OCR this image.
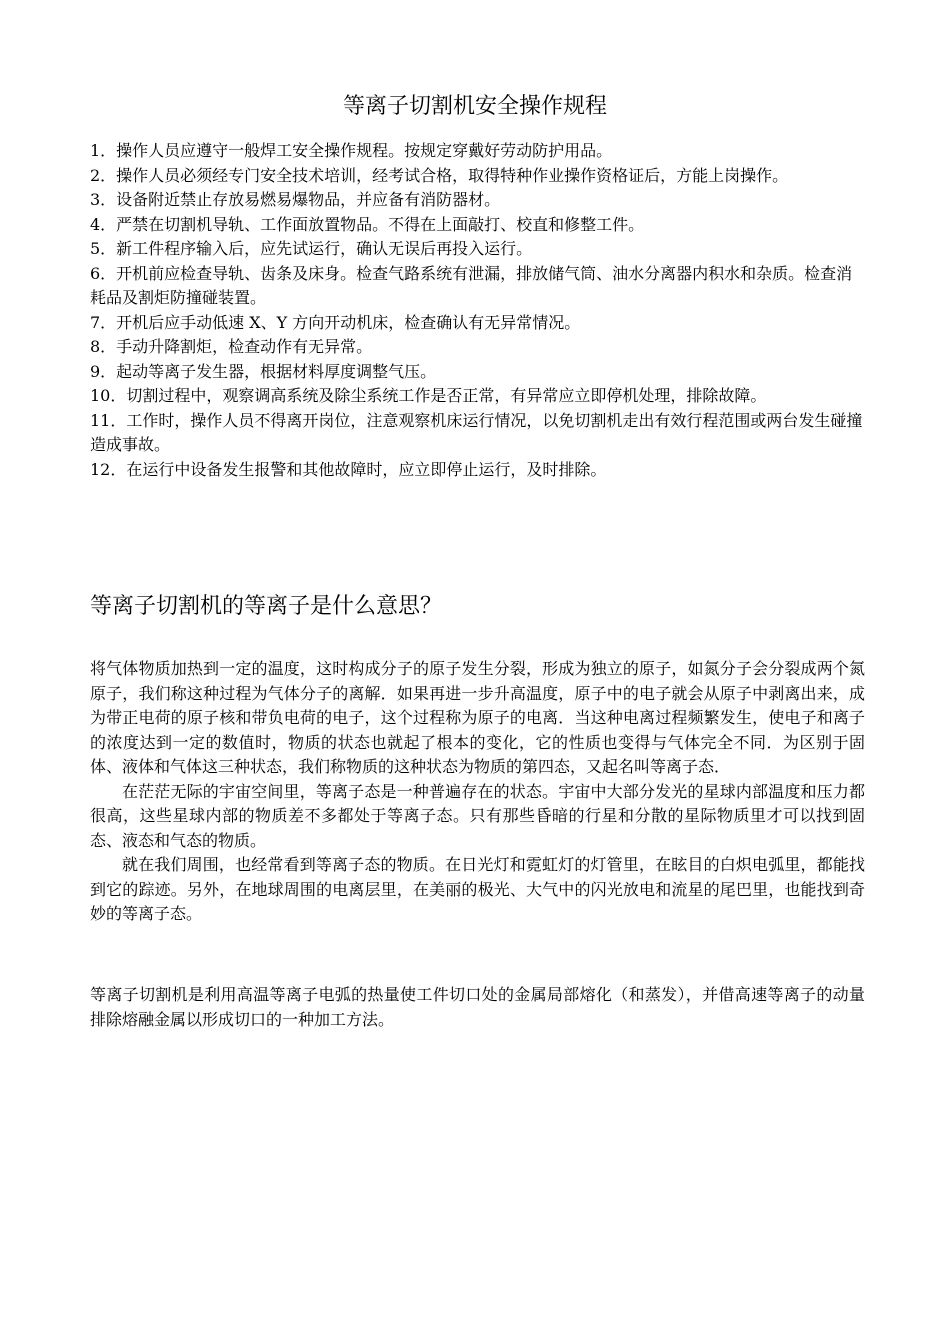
等离子切割机安全操作规程

1．操作人员应遵守一般焊工安全操作规程。按规定穿戴好劳动防护用品。

2．操作人员必须经专门安全技术培训，经考试合格，取得特种作业操作资格证后，方能上岗操作。

3．设备附近禁止存放易燃易爆物品，并应备有消防器材。

4．严禁在切割机导轨、工作面放置物品。不得在上面敲打、校直和修整工件。

5．新工件程序输入后，应先试运行，确认无误后再投入运行。

6．开机前应检查导轨、齿条及床身。检查气路系统有泄漏，排放储气筒、油水分离器内积水和杂质。检查消耗品及割炬防撞碰装置。

7．开机后应手动低速 X、Y 方向开动机床，检查确认有无异常情况。

8．手动升降割炬，检查动作有无异常。

9．起动等离子发生器，根据材料厚度调整气压。

10．切割过程中，观察调高系统及除尘系统工作是否正常，有异常应立即停机处理，排除故障。

11．工作时，操作人员不得离开岗位，注意观察机床运行情况，以免切割机走出有效行程范围或两台发生碰撞造成事故。

12．在运行中设备发生报警和其他故障时，应立即停止运行，及时排除。

等离子切割机的等离子是什么意思？

将气体物质加热到一定的温度，这时构成分子的原子发生分裂，形成为独立的原子，如氮分子会分裂成两个氮原子，我们称这种过程为气体分子的离解．如果再进一步升高温度，原子中的电子就会从原子中剥离出来，成为带正电荷的原子核和带负电荷的电子，这个过程称为原子的电离．当这种电离过程频繁发生，使电子和离子的浓度达到一定的数值时，物质的状态也就起了根本的变化，它的性质也变得与气体完全不同．为区别于固体、液体和气体这三种状态，我们称物质的这种状态为物质的第四态，又起名叫等离子态．

在茫茫无际的宇宙空间里，等离子态是一种普遍存在的状态。宇宙中大部分发光的星球内部温度和压力都很高，这些星球内部的物质差不多都处于等离子态。只有那些昏暗的行星和分散的星际物质里才可以找到固态、液态和气态的物质。

就在我们周围，也经常看到等离子态的物质。在日光灯和霓虹灯的灯管里，在眩目的白炽电弧里，都能找到它的踪迹。另外，在地球周围的电离层里，在美丽的极光、大气中的闪光放电和流星的尾巴里，也能找到奇妙的等离子态。

等离子切割机是利用高温等离子电弧的热量使工件切口处的金属局部熔化（和蒸发），并借高速等离子的动量排除熔融金属以形成切口的一种加工方法。
